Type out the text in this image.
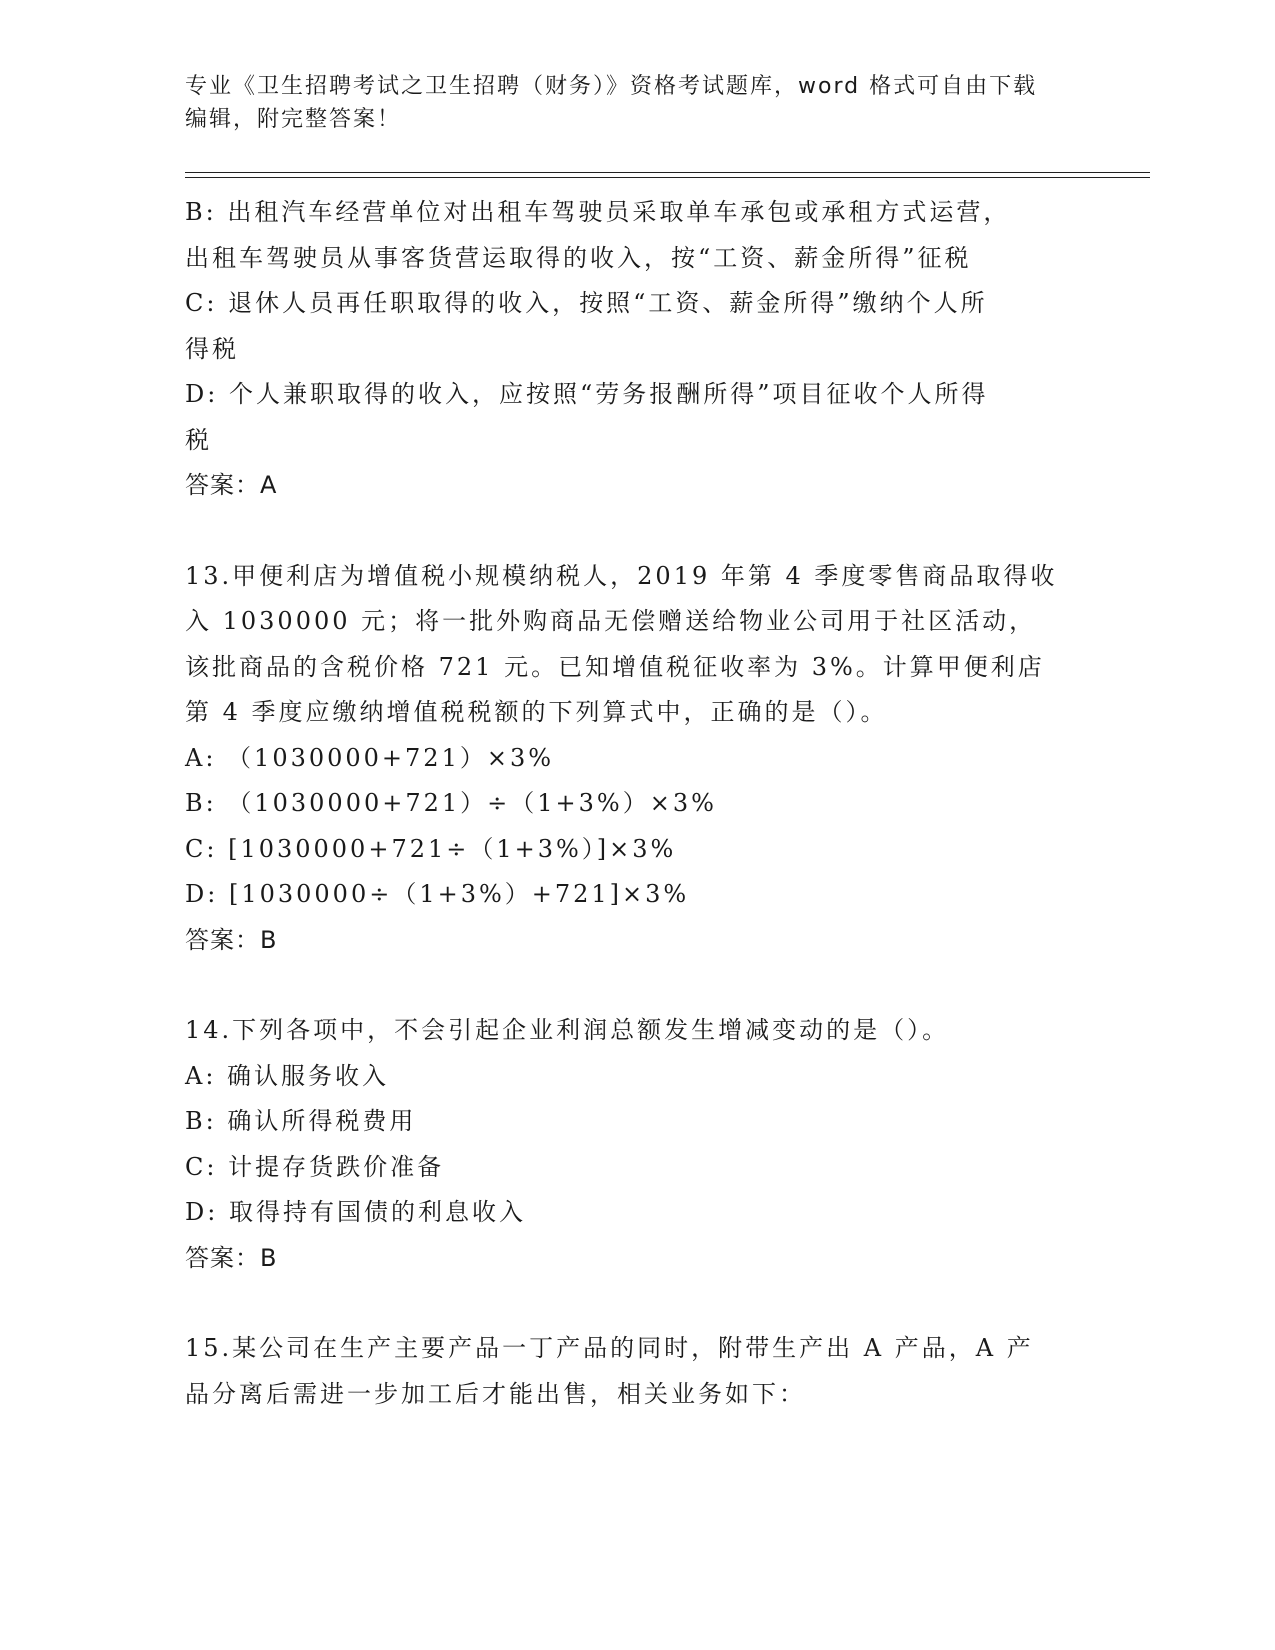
专业《卫生招聘考试之卫生招聘（财务）》资格考试题库，word 格式可自由下载
编辑，附完整答案！
B: 出租汽车经营单位对出租车驾驶员采取单车承包或承租方式运营，
出租车驾驶员从事客货营运取得的收入，按“工资、薪金所得”征税
C: 退休人员再任职取得的收入，按照“工资、薪金所得”缴纳个人所
得税
D: 个人兼职取得的收入，应按照“劳务报酬所得”项目征收个人所得
税
答案：A
13.甲便利店为增值税小规模纳税人，2019 年第 4 季度零售商品取得收
入 1030000 元；将一批外购商品无偿赠送给物业公司用于社区活动，
该批商品的含税价格 721 元。已知增值税征收率为 3%。计算甲便利店
第 4 季度应缴纳增值税税额的下列算式中，正确的是（）。
A: （1030000+721）×3%
B: （1030000+721）÷（1+3%）×3%
C: [1030000+721÷（1+3%）]×3%
D: [1030000÷（1+3%）+721]×3%
答案：B
14.下列各项中，不会引起企业利润总额发生增减变动的是（）。
A: 确认服务收入
B: 确认所得税费用
C: 计提存货跌价准备
D: 取得持有国债的利息收入
答案：B
15.某公司在生产主要产品一丁产品的同时，附带生产出 A 产品，A 产
品分离后需进一步加工后才能出售，相关业务如下：
